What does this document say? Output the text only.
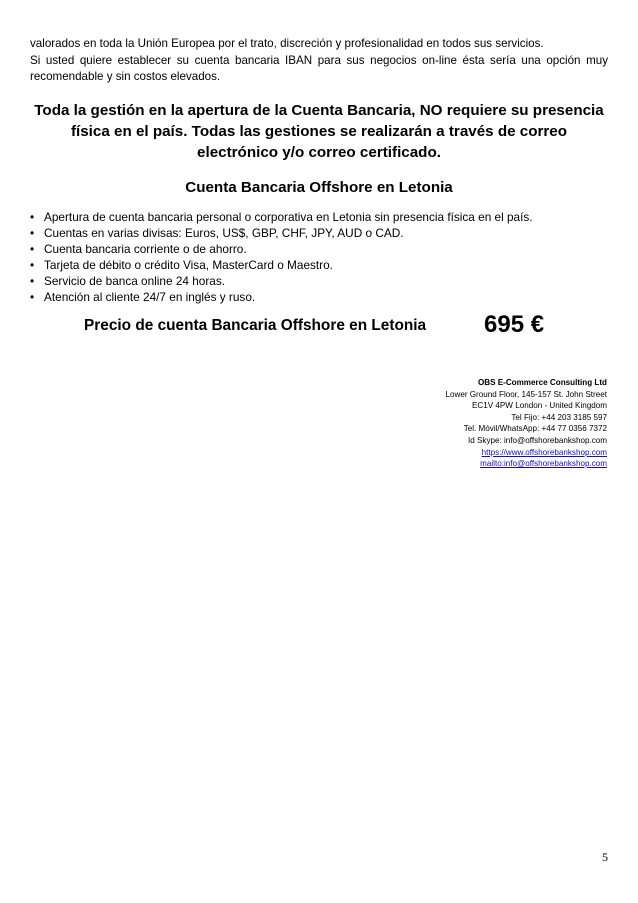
valorados en toda la Unión Europea por el trato, discreción y profesionalidad en todos sus servicios.

Si usted quiere establecer su cuenta bancaria IBAN para sus negocios on-line ésta sería una opción muy recomendable y sin costos elevados.

Toda la gestión en la apertura de la Cuenta Bancaria, NO requiere su presencia física en el país. Todas las gestiones se realizarán a través de correo electrónico y/o correo certificado.

Cuenta Bancaria Offshore en Letonia
• Apertura de cuenta bancaria personal o corporativa en Letonia sin presencia física en el país.
• Cuentas en varias divisas: Euros, US$, GBP, CHF, JPY, AUD o CAD.
• Cuenta bancaria corriente o de ahorro.
• Tarjeta de débito o crédito Visa, MasterCard o Maestro.
• Servicio de banca online 24 horas.
• Atención al cliente 24/7 en inglés y ruso.
Precio de cuenta Bancaria Offshore en Letonia 695 €
OBS E-Commerce Consulting Ltd
Lower Ground Floor, 145-157 St. John Street
EC1V 4PW London - United Kingdom
Tel Fijo: +44 203 3185 597
Tel. Móvil/WhatsApp: +44 77 0356 7372
Id Skype: info@offshorebankshop.com
https://www.offshorebankshop.com
mailto:info@offshorebankshop.com
5
